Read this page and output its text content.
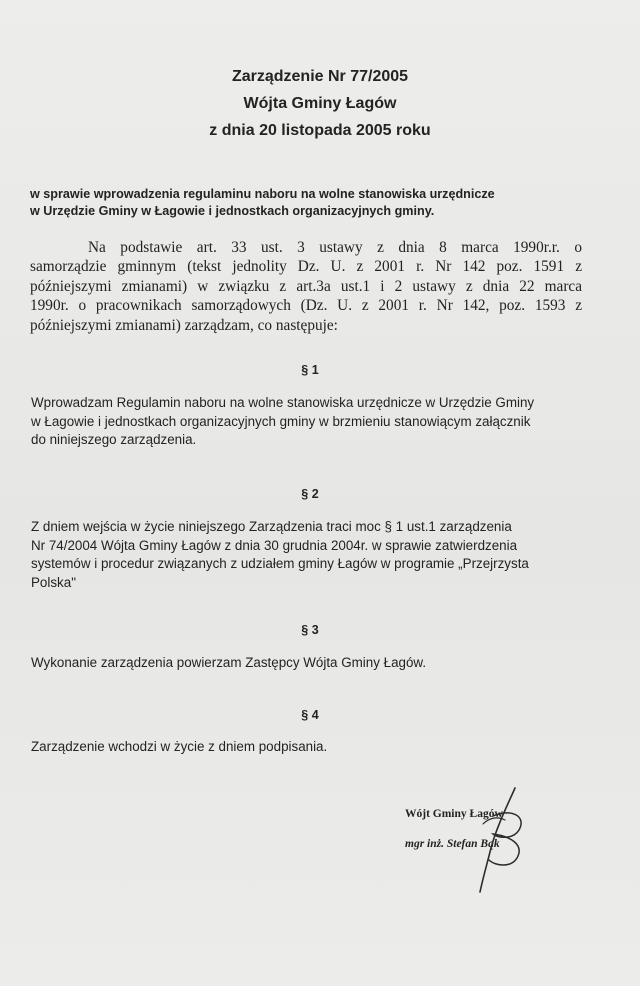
Zarządzenie Nr 77/2005
Wójta Gminy Łagów
z dnia 20 listopada 2005 roku
w sprawie wprowadzenia regulaminu naboru na wolne stanowiska urzędnicze
w Urzędzie Gminy w Łagowie i jednostkach organizacyjnych gminy.
Na podstawie art. 33 ust. 3 ustawy z dnia 8 marca 1990r.r. o
samorządzie gminnym (tekst jednolity Dz. U. z 2001 r. Nr 142 poz. 1591 z
późniejszymi zmianami) w związku z art.3a ust.1 i 2 ustawy z dnia 22 marca
1990r. o pracownikach samorządowych (Dz. U. z 2001 r. Nr 142, poz. 1593 z
późniejszymi zmianami) zarządzam, co następuje:
§ 1
Wprowadzam Regulamin naboru na wolne stanowiska urzędnicze w Urzędzie Gminy
w Łagowie i jednostkach organizacyjnych gminy w brzmieniu stanowiącym załącznik
do niniejszego zarządzenia.
§ 2
Z dniem wejścia w życie niniejszego Zarządzenia traci moc § 1 ust.1 zarządzenia
Nr 74/2004 Wójta Gminy Łagów z dnia 30 grudnia 2004r. w sprawie zatwierdzenia
systemów i procedur związanych z udziałem gminy Łagów w programie „Przejrzysta
Polska"
§ 3
Wykonanie zarządzenia powierzam Zastępcy Wójta Gminy Łagów.
§ 4
Zarządzenie wchodzi w życie z dniem podpisania.
Wójt Gminy Łagów
mgr inż. Stefan Bąk
